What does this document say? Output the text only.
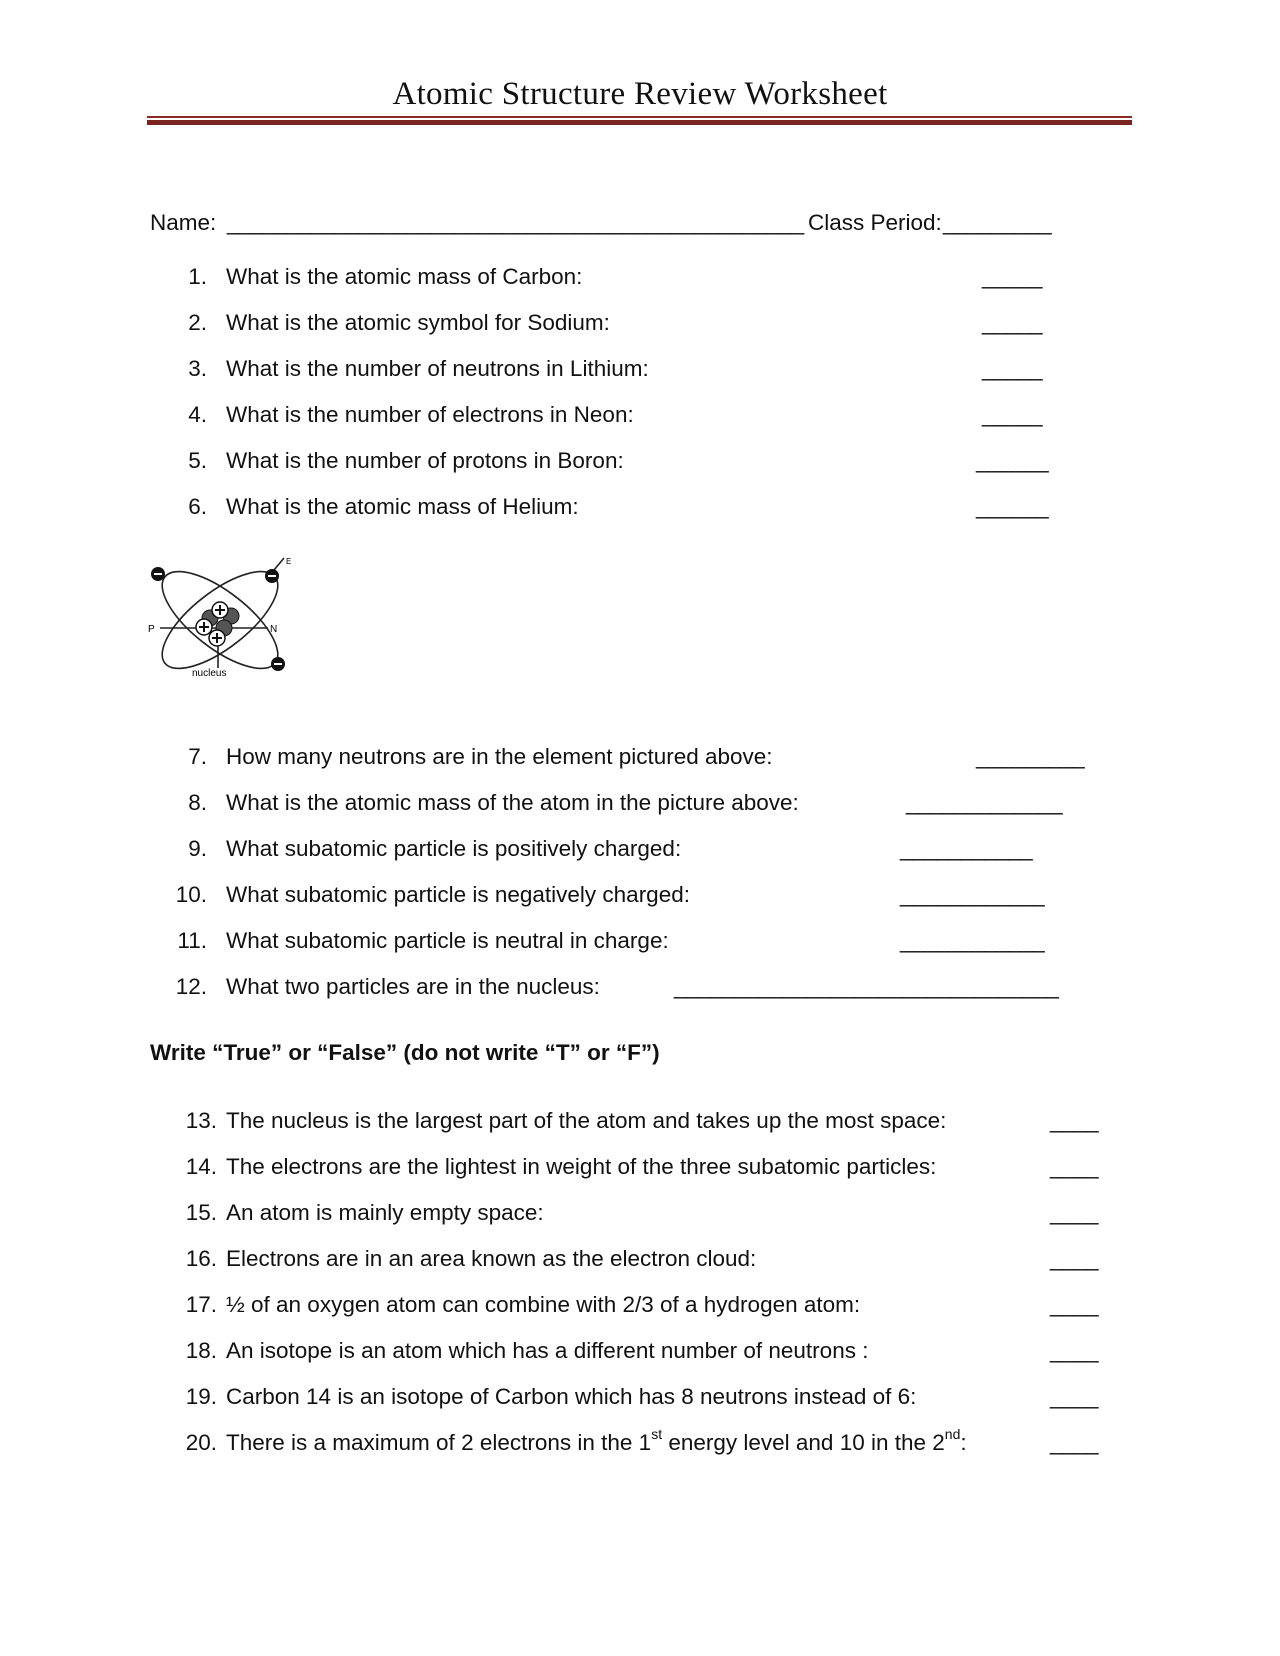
Atomic Structure Review Worksheet
Name: ________________________________________________ Class Period: _________
1. What is the atomic mass of Carbon:	_____
2. What is the atomic symbol for Sodium:	_____
3. What is the number of neutrons in Lithium:	_____
4. What is the number of electrons in Neon:	_____
5. What is the number of protons in Boron:	______
6. What is the atomic mass of Helium:	______
P	N
E
nucleus
7. How many neutrons are in the element pictured above:	_________
8. What is the atomic mass of the atom in the picture above:	_____________
9. What subatomic particle is positively charged:	___________
10. What subatomic particle is negatively charged:	____________
11. What subatomic particle is neutral in charge:	____________
12. What two particles are in the nucleus:	________________________________
Write “True” or “False” (do not write “T” or “F”)
13. The nucleus is the largest part of the atom and takes up the most space:	____
14. The electrons are the lightest in weight of the three subatomic particles:	____
15. An atom is mainly empty space:	____
16. Electrons are in an area known as the electron cloud:	____
17. ½ of an oxygen atom can combine with 2/3 of a hydrogen atom:	____
18. An isotope is an atom which has a different number of neutrons :	____
19. Carbon 14 is an isotope of Carbon which has 8 neutrons instead of 6:	____
20. There is a maximum of 2 electrons in the 1st energy level and 10 in the 2nd:	____
